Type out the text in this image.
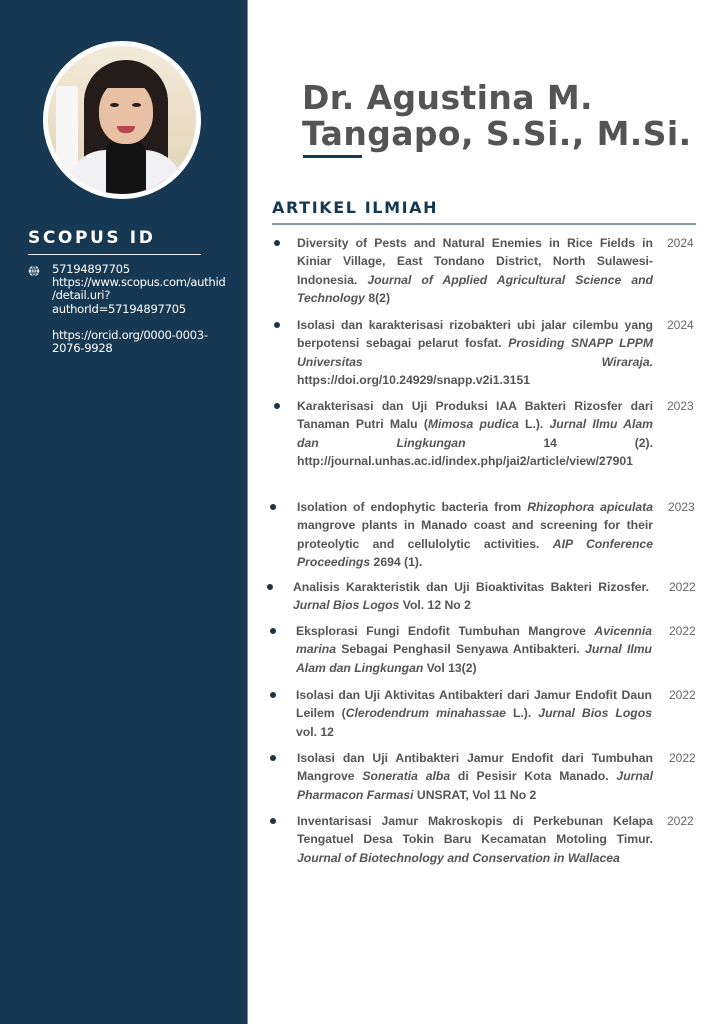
SCOPUS ID
57194897705
https://www.scopus.com/authid
/detail.uri?
authorId=57194897705
https://orcid.org/0000-0003-
2076-9928
Dr. Agustina M.
Tangapo, S.Si., M.Si.
ARTIKEL ILMIAH
Diversity of Pests and Natural Enemies in Rice Fields in Kiniar Village, East Tondano District, North Sulawesi-Indonesia. Journal of Applied Agricultural Science and Technology 8(2)
2024
Isolasi dan karakterisasi rizobakteri ubi jalar cilembu yang berpotensi sebagai pelarut fosfat. Prosiding SNAPP LPPM Universitas Wiraraja. https://doi.org/10.24929/snapp.v2i1.3151
2024
Karakterisasi dan Uji Produksi IAA Bakteri Rizosfer dari Tanaman Putri Malu (Mimosa pudica L.). Jurnal Ilmu Alam dan Lingkungan 14 (2). http://journal.unhas.ac.id/index.php/jai2/article/view/27901
2023
Isolation of endophytic bacteria from Rhizophora apiculata mangrove plants in Manado coast and screening for their proteolytic and cellulolytic activities. AIP Conference Proceedings 2694 (1).
2023
Analisis Karakteristik dan Uji Bioaktivitas Bakteri Rizosfer. Jurnal Bios Logos Vol. 12 No 2
2022
Eksplorasi Fungi Endofit Tumbuhan Mangrove Avicennia marina Sebagai Penghasil Senyawa Antibakteri. Jurnal Ilmu Alam dan Lingkungan Vol 13(2)
2022
Isolasi dan Uji Aktivitas Antibakteri dari Jamur Endofit Daun Leilem (Clerodendrum minahassae L.). Jurnal Bios Logos vol. 12
2022
Isolasi dan Uji Antibakteri Jamur Endofit dari Tumbuhan Mangrove Soneratia alba di Pesisir Kota Manado. Jurnal Pharmacon Farmasi UNSRAT, Vol 11 No 2
2022
Inventarisasi Jamur Makroskopis di Perkebunan Kelapa Tengatuel Desa Tokin Baru Kecamatan Motoling Timur. Journal of Biotechnology and Conservation in Wallacea
2022
